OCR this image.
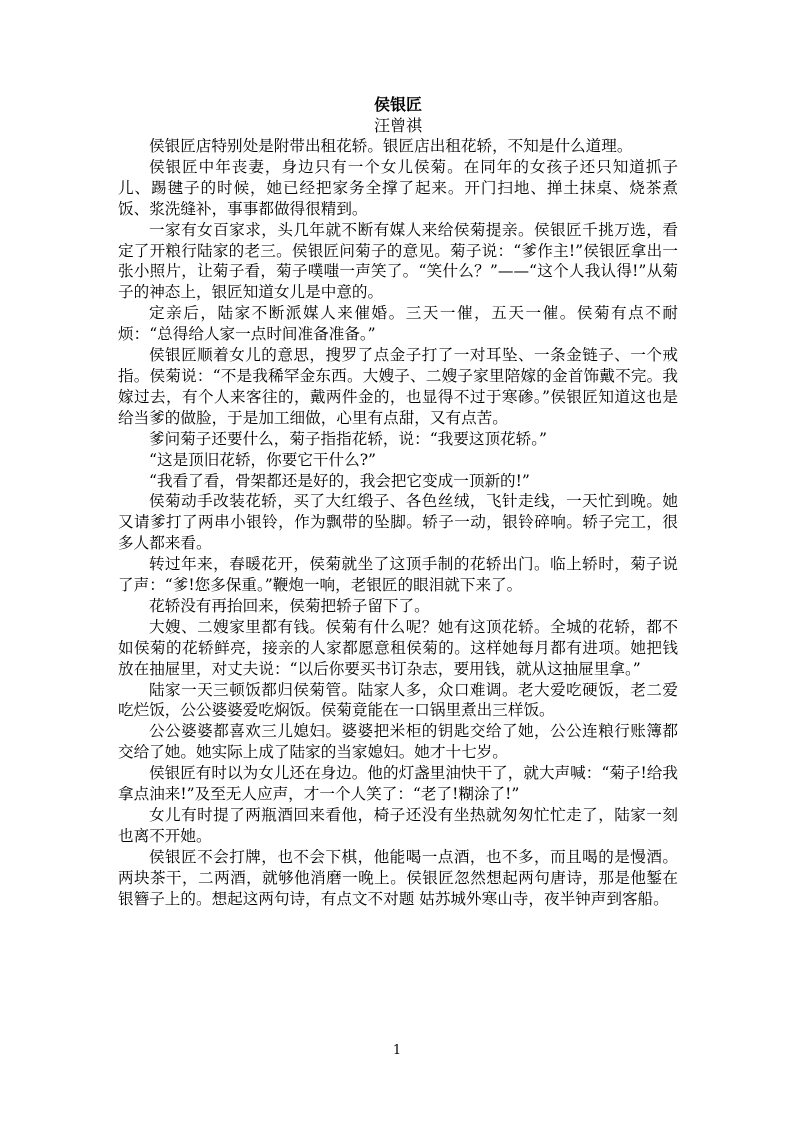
侯银匠
汪曾祺

侯银匠店特别处是附带出租花轿。银匠店出租花轿，不知是什么道理。

侯银匠中年丧妻，身边只有一个女儿侯菊。在同年的女孩子还只知道抓子儿、踢毽子的时候，她已经把家务全撑了起来。开门扫地、掸土抹桌、烧茶煮饭、浆洗缝补，事事都做得很精到。

一家有女百家求，头几年就不断有媒人来给侯菊提亲。侯银匠千挑万选，看定了开粮行陆家的老三。侯银匠问菊子的意见。菊子说：“爹作主!”侯银匠拿出一张小照片，让菊子看，菊子噗嗤一声笑了。“笑什么？”——“这个人我认得!”从菊子的神态上，银匠知道女儿是中意的。

定亲后，陆家不断派媒人来催婚。三天一催，五天一催。侯菊有点不耐烦：“总得给人家一点时间准备准备。”

侯银匠顺着女儿的意思，搜罗了点金子打了一对耳坠、一条金链子、一个戒指。侯菊说：“不是我稀罕金东西。大嫂子、二嫂子家里陪嫁的金首饰戴不完。我嫁过去，有个人来客往的，戴两件金的，也显得不过于寒碜。”侯银匠知道这也是给当爹的做脸，于是加工细做，心里有点甜，又有点苦。

爹问菊子还要什么，菊子指指花轿，说：“我要这顶花轿。”

“这是顶旧花轿，你要它干什么?”

“我看了看，骨架都还是好的，我会把它变成一顶新的!”

侯菊动手改装花轿，买了大红缎子、各色丝绒，飞针走线，一天忙到晚。她又请爹打了两串小银铃，作为飘带的坠脚。轿子一动，银铃碎响。轿子完工，很多人都来看。

转过年来，春暖花开，侯菊就坐了这顶手制的花轿出门。临上轿时，菊子说了声：“爹!您多保重。”鞭炮一响，老银匠的眼泪就下来了。

花轿没有再抬回来，侯菊把轿子留下了。

大嫂、二嫂家里都有钱。侯菊有什么呢？她有这顶花轿。全城的花轿，都不如侯菊的花轿鲜亮，接亲的人家都愿意租侯菊的。这样她每月都有进项。她把钱放在抽屉里，对丈夫说：“以后你要买书订杂志，要用钱，就从这抽屉里拿。”

陆家一天三顿饭都归侯菊管。陆家人多，众口难调。老大爱吃硬饭，老二爱吃烂饭，公公婆婆爱吃焖饭。侯菊竟能在一口锅里煮出三样饭。

公公婆婆都喜欢三儿媳妇。婆婆把米柜的钥匙交给了她，公公连粮行账簿都交给了她。她实际上成了陆家的当家媳妇。她才十七岁。

侯银匠有时以为女儿还在身边。他的灯盏里油快干了，就大声喊：“菊子!给我拿点油来!”及至无人应声，才一个人笑了：“老了!糊涂了!”

女儿有时提了两瓶酒回来看他，椅子还没有坐热就匆匆忙忙走了，陆家一刻也离不开她。

侯银匠不会打牌，也不会下棋，他能喝一点酒，也不多，而且喝的是慢酒。两块茶干，二两酒，就够他消磨一晚上。侯银匠忽然想起两句唐诗，那是他錾在银簪子上的。想起这两句诗，有点文不对题 姑苏城外寒山寺，夜半钟声到客船。

1
